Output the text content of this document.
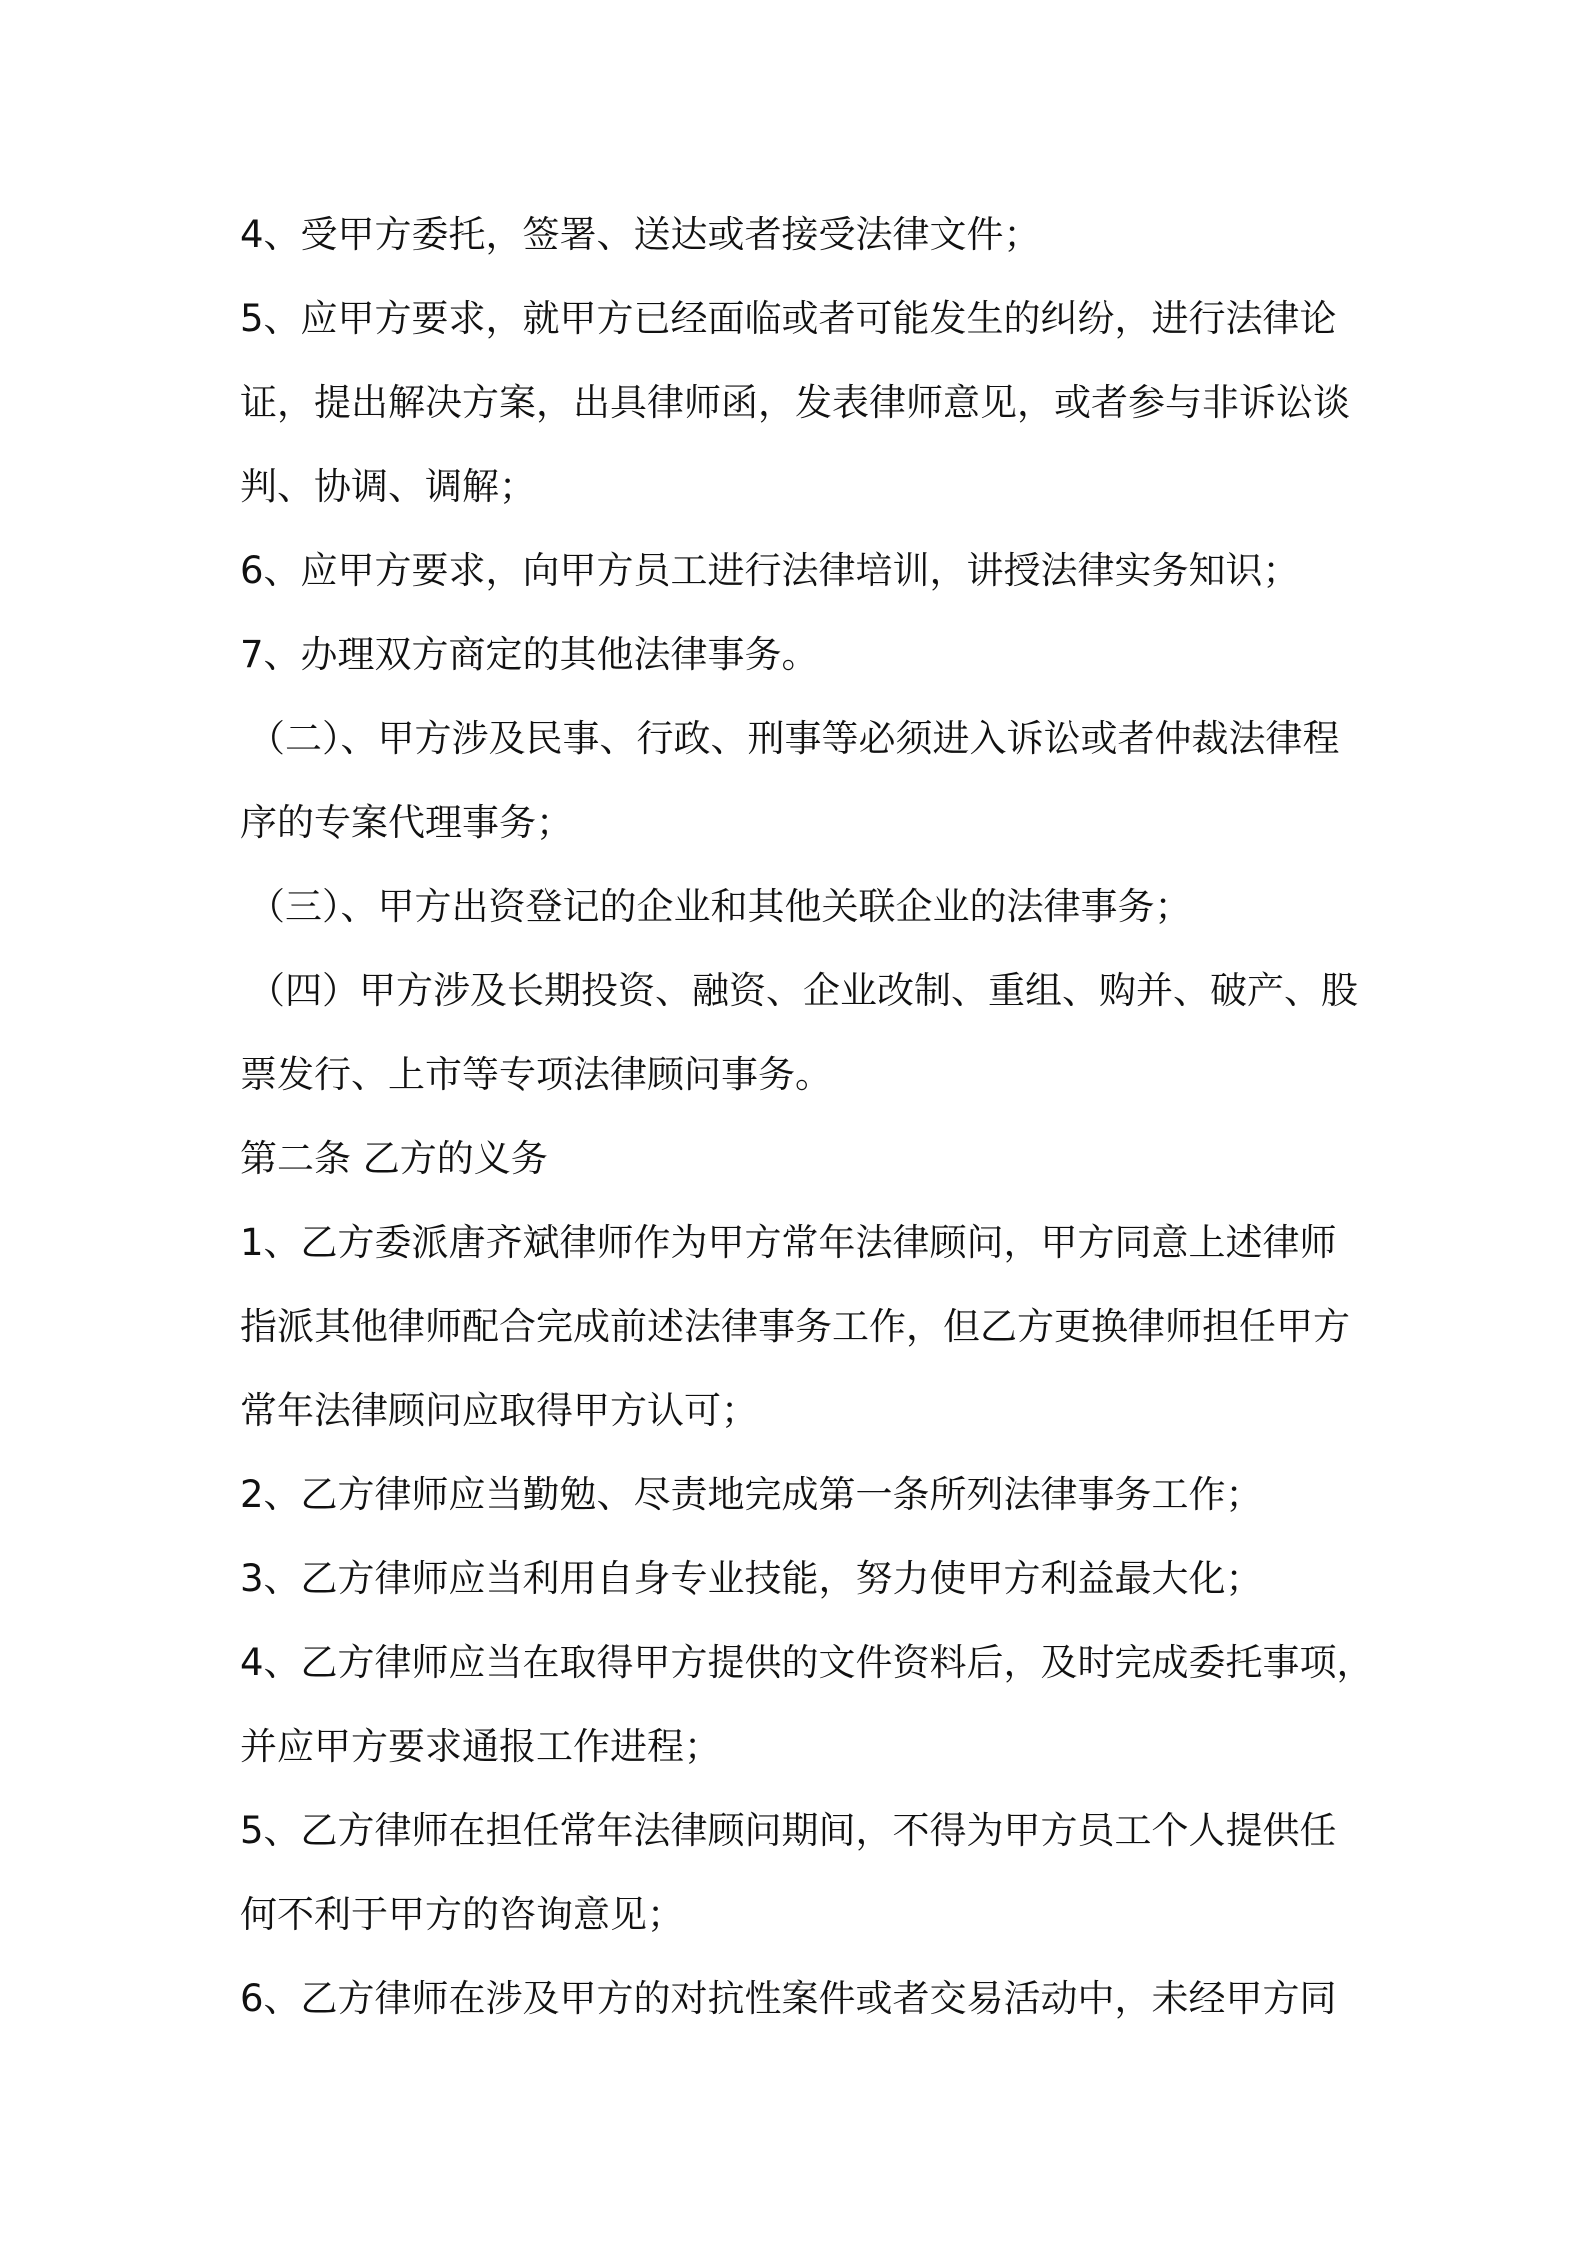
4、受甲方委托，签署、送达或者接受法律文件；
5、应甲方要求，就甲方已经面临或者可能发生的纠纷，进行法律论
证，提出解决方案，出具律师函，发表律师意见，或者参与非诉讼谈
判、协调、调解；
6、应甲方要求，向甲方员工进行法律培训，讲授法律实务知识；
7、办理双方商定的其他法律事务。
（二）、甲方涉及民事、行政、刑事等必须进入诉讼或者仲裁法律程
序的专案代理事务；
（三）、甲方出资登记的企业和其他关联企业的法律事务；
（四）甲方涉及长期投资、融资、企业改制、重组、购并、破产、股
票发行、上市等专项法律顾问事务。
第二条 乙方的义务
1、乙方委派唐齐斌律师作为甲方常年法律顾问，甲方同意上述律师
指派其他律师配合完成前述法律事务工作，但乙方更换律师担任甲方
常年法律顾问应取得甲方认可；
2、乙方律师应当勤勉、尽责地完成第一条所列法律事务工作；
3、乙方律师应当利用自身专业技能，努力使甲方利益最大化；
4、乙方律师应当在取得甲方提供的文件资料后，及时完成委托事项，
并应甲方要求通报工作进程；
5、乙方律师在担任常年法律顾问期间，不得为甲方员工个人提供任
何不利于甲方的咨询意见；
6、乙方律师在涉及甲方的对抗性案件或者交易活动中，未经甲方同
